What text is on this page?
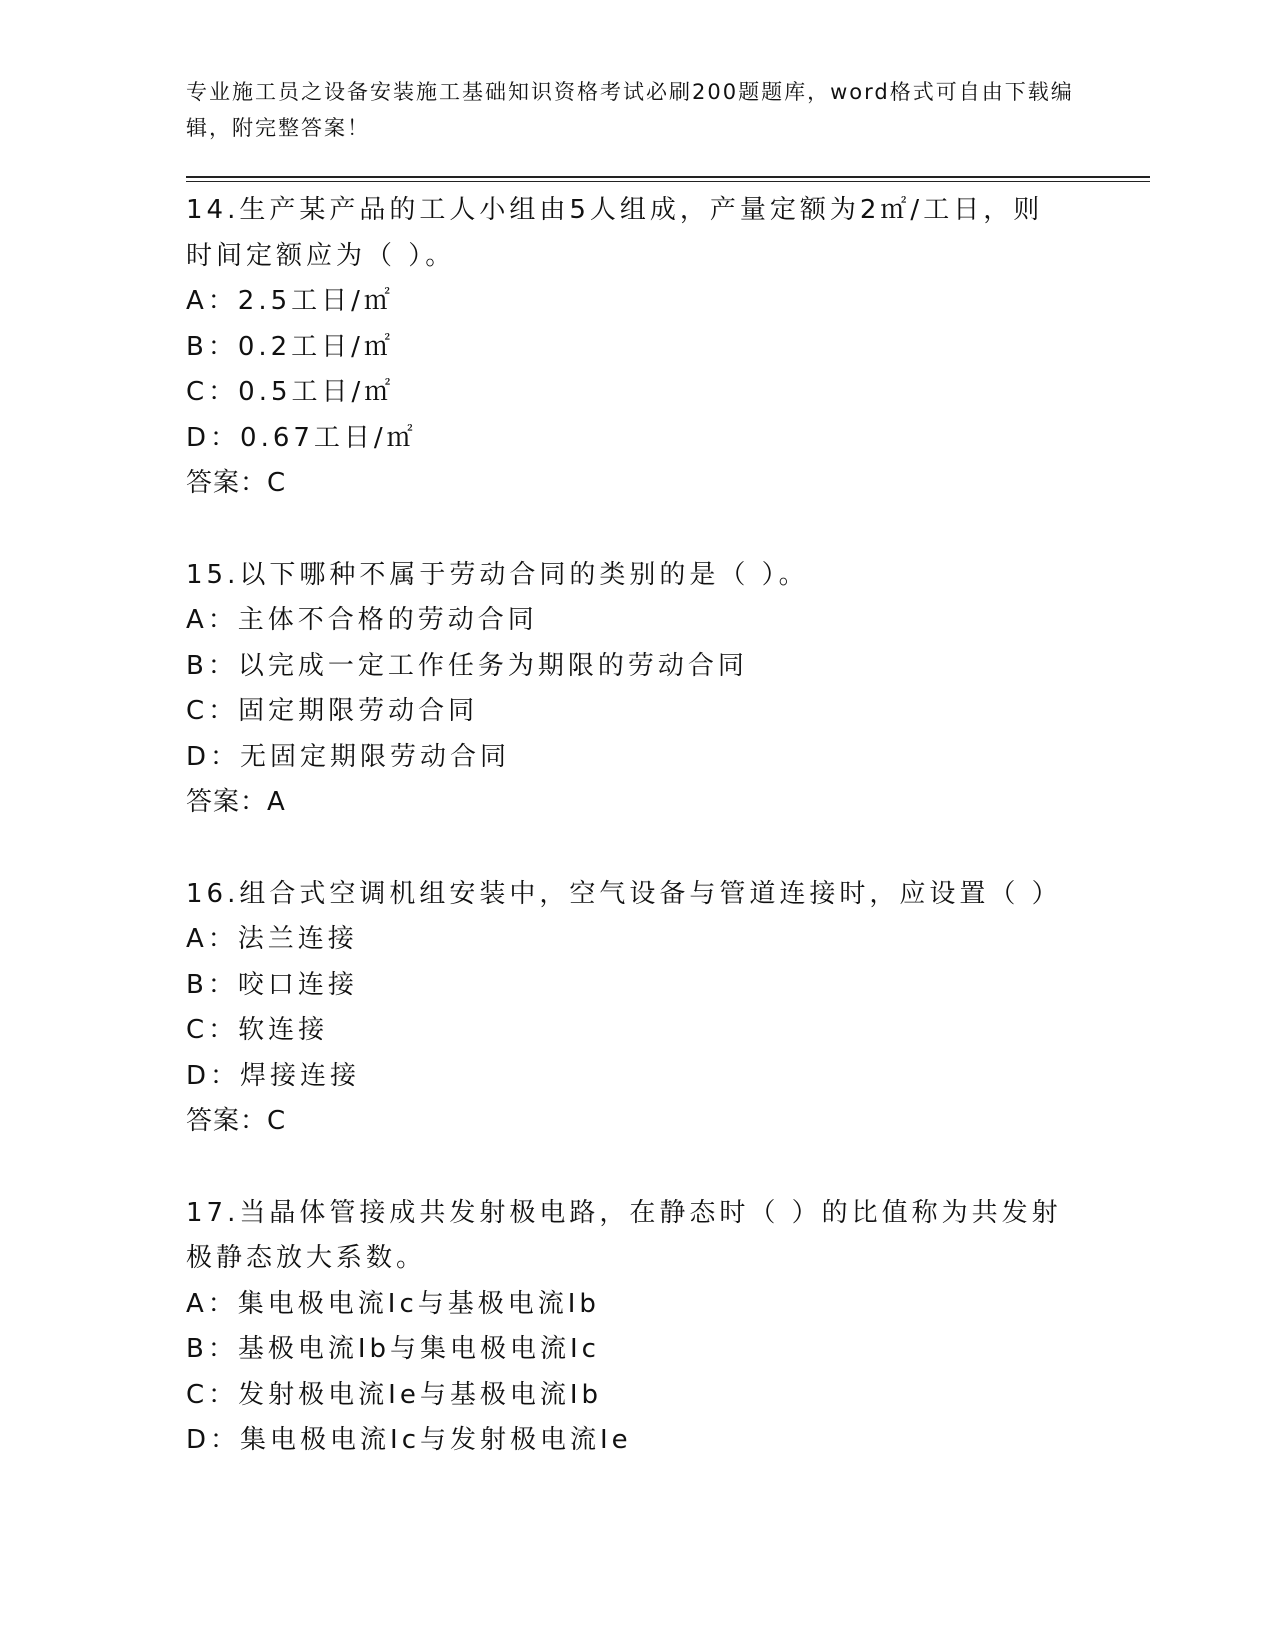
专业施工员之设备安装施工基础知识资格考试必刷200题题库，word格式可自由下载编辑，附完整答案！
14.生产某产品的工人小组由5人组成，产量定额为2㎡/工日，则时间定额应为（ ）。
A：2.5工日/㎡
B：0.2工日/㎡
C：0.5工日/㎡
D：0.67工日/㎡
答案：C
15.以下哪种不属于劳动合同的类别的是（ ）。
A：主体不合格的劳动合同
B：以完成一定工作任务为期限的劳动合同
C：固定期限劳动合同
D：无固定期限劳动合同
答案：A
16.组合式空调机组安装中，空气设备与管道连接时，应设置（ ）
A：法兰连接
B：咬口连接
C：软连接
D：焊接连接
答案：C
17.当晶体管接成共发射极电路，在静态时（ ）的比值称为共发射极静态放大系数。
A：集电极电流Ic与基极电流Ib
B：基极电流Ib与集电极电流Ic
C：发射极电流Ie与基极电流Ib
D：集电极电流Ic与发射极电流Ie
